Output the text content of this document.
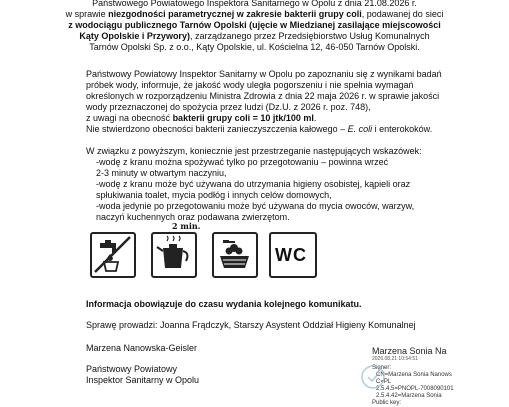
Państwowego Powiatowego Inspektora Sanitarnego w Opolu z dnia 21.08.2026 r.
w sprawie niezgodności parametrycznej w zakresie bakterii grupy coli, podawanej do sieci
z wodociągu publicznego Tarnów Opolski (ujęcie w Miedzianej zasilające miejscowości
Kąty Opolskie i Przywory), zarządzanego przez Przedsiębiorstwo Usług Komunalnych
Tarnów Opolski Sp. z o.o., Kąty Opolskie, ul. Kościelna 12, 46-050 Tarnów Opolski.
Państwowy Powiatowy Inspektor Sanitarny w Opolu po zapoznaniu się z wynikami badań
próbek wody, informuje, że jakość wody uległa pogorszeniu i nie spełnia wymagań
określonych w rozporządzeniu Ministra Zdrowia z dnia 22 maja 2026 r. w sprawie jakości
wody przeznaczonej do spożycia przez ludzi (Dz.U. z 2026 r. poz. 748),
z uwagi na obecność bakterii grupy coli = 10 jtk/100 ml.
Nie stwierdzono obecności bakterii zanieczyszczenia kałowego – E. coli i enterokoków.
W związku z powyższym, koniecznie jest przestrzeganie następujących wskazówek:
-wodę z kranu można spożywać tylko po przegotowaniu – powinna wrzeć
2-3 minuty w otwartym naczyniu,
-wodę z kranu może być używana do utrzymania higieny osobistej, kąpieli oraz
spłukiwania toalet, mycia podłóg i innych celów domowych,
-woda jedynie po przegotowaniu może być używana do mycia owoców, warzyw,
naczyń kuchennych oraz podawana zwierzętom.
2 min.
WC
Informacja obowiązuje do czasu wydania kolejnego komunikatu.
Sprawę prowadzi: Joanna Frądczyk, Starszy Asystent Oddział Higieny Komunalnej
Marzena Nanowska-Geisler
Państwowy Powiatowy
Inspektor Sanitarny w Opolu
Marzena Sonia Na
2026.08.21 10:54:51
Signer:
CN=Marzena Sonia Nanows
C=PL
2.5.4.5=PNOPL-7008090101
2.5.4.42=Marzena Sonia
Public key:
